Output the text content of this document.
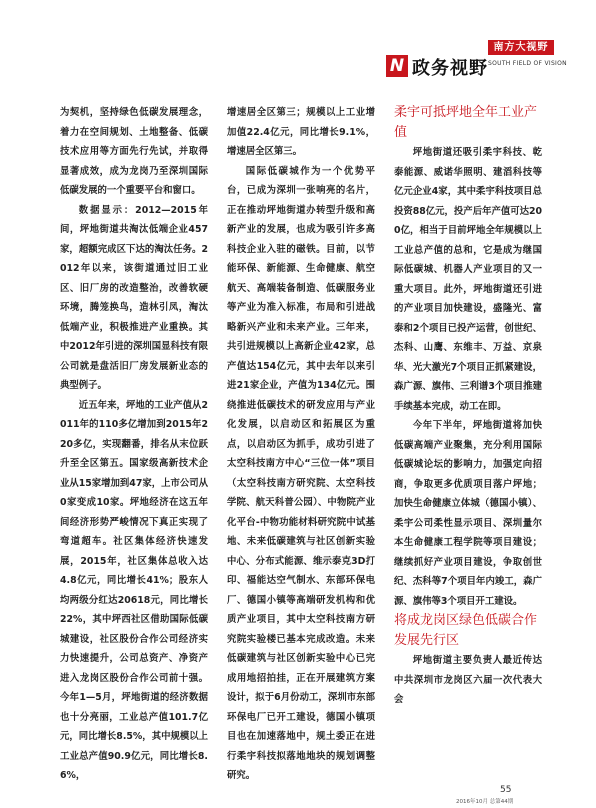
N 政务视野
南方大视野
SOUTH FIELD OF VISION

为契机，坚持绿色低碳发展理念，着力在空间规划、土地整备、低碳技术应用等方面先行先试，并取得显著成效，成为龙岗乃至深圳国际低碳发展的一个重要平台和窗口。

数据显示：2012—2015年间，坪地街道共淘汰低端企业457家，超额完成区下达的淘汰任务。2012年以来，该街道通过旧工业区、旧厂房的改造整治，改善软硬环境，腾笼换鸟，造林引凤，淘汰低端产业，积极推进产业重换。其中2012年引进的深圳国显科技有限公司就是盘活旧厂房发展新业态的典型例子。

近五年来，坪地的工业产值从2011年的110多亿增加到2015年220多亿，实现翻番，排名从末位跃升至全区第五。国家级高新技术企业从15家增加到47家，上市公司从0家变成10家。坪地经济在这五年间经济形势严峻情况下真正实现了弯道超车。社区集体经济快速发展，2015年，社区集体总收入达4.8亿元，同比增长41%；股东人均两级分红达20618元，同比增长22%，其中坪西社区借助国际低碳城建设，社区股份合作公司经济实力快速提升，公司总资产、净资产进入龙岗区股份合作公司前十强。今年1—5月，坪地街道的经济数据也十分亮丽，工业总产值101.7亿元，同比增长8.5%，其中规模以上工业总产值90.9亿元，同比增长8.6%，

增速居全区第三；规模以上工业增加值22.4亿元，同比增长9.1%，增速居全区第三。

国际低碳城作为一个优势平台，已成为深圳一张响亮的名片，正在推动坪地街道办转型升级和高新产业的发展，也成为吸引许多高科技企业入驻的磁铁。目前，以节能环保、新能源、生命健康、航空航天、高端装备制造、低碳服务业等产业为准入标准，布局和引进战略新兴产业和未来产业。三年来，共引进规模以上高新企业42家，总产值达154亿元，其中去年以来引进21家企业，产值为134亿元。围绕推进低碳技术的研发应用与产业化发展，以启动区和拓展区为重点，以启动区为抓手，成功引进了太空科技南方中心“三位一体”项目（太空科技南方研究院、太空科技学院、航天科普公园）、中物院产业化平台-中物功能材料研究院中试基地、未来低碳建筑与社区创新实验中心、分布式能源、维示泰克3D打印、福能达空气制水、东部环保电厂、德国小镇等高端研发机构和优质产业项目，其中太空科技南方研究院实验楼已基本完成改造。未来低碳建筑与社区创新实验中心已完成用地招拍挂，正在开展建筑方案设计，拟于6月份动工，深圳市东部环保电厂已开工建设，德国小镇项目也在加速落地中，规土委正在进行柔宇科技拟落地地块的规划调整研究。

柔宇可抵坪地全年工业产值

坪地街道还吸引柔宇科技、乾泰能源、威诺华照明、建滔科技等亿元企业4家，其中柔宇科技项目总投资88亿元，投产后年产值可达200亿，相当于目前坪地全年规模以上工业总产值的总和，它是成为继国际低碳城、机器人产业项目的又一重大项目。此外，坪地街道还引进的产业项目加快建设，盛隆光、富泰和2个项目已投产运营，创世纪、杰科、山鹰、东维丰、万益、京泉华、光大激光7个项目正抓紧建设，森广源、旗伟、三利谱3个项目推建手续基本完成，动工在即。

今年下半年，坪地街道将加快低碳高端产业聚集，充分利用国际低碳城论坛的影响力，加强定向招商，争取更多优质项目落户坪地；加快生命健康立体城（德国小镇）、柔宇公司柔性显示项目、深圳量尔本生命健康工程学院等项目建设；继续抓好产业项目建设，争取创世纪、杰科等7个项目年内竣工，森广源、旗伟等3个项目开工建设。

将成龙岗区绿色低碳合作发展先行区

坪地街道主要负责人最近传达中共深圳市龙岗区六届一次代表大会

55
2016年10月 总第44期
